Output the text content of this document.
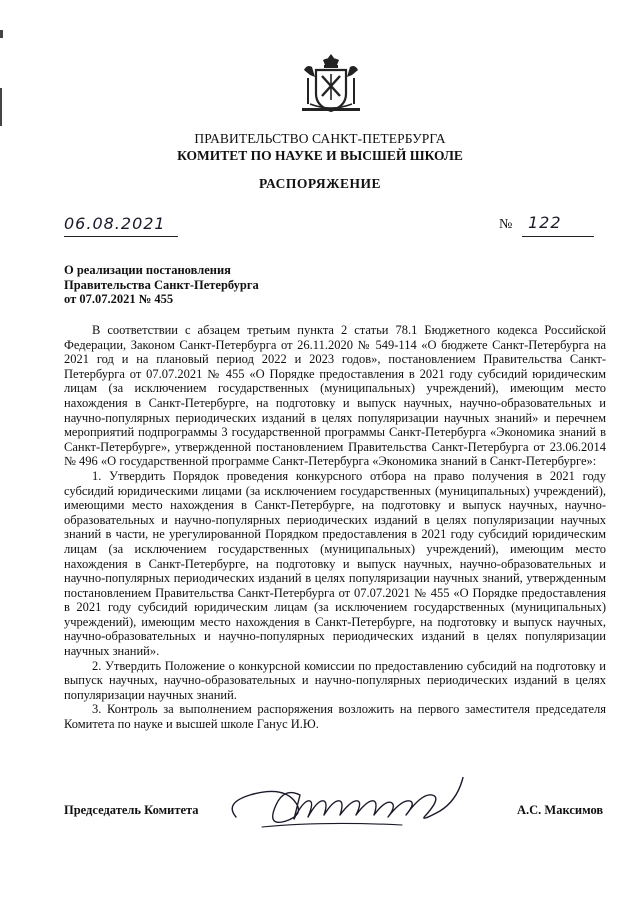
ПРАВИТЕЛЬСТВО САНКТ-ПЕТЕРБУРГА
КОМИТЕТ ПО НАУКЕ И ВЫСШЕЙ ШКОЛЕ
РАСПОРЯЖЕНИЕ
06.08.2021	№ 122
О реализации постановления
Правительства Санкт-Петербурга
от 07.07.2021 № 455

В соответствии с абзацем третьим пункта 2 статьи 78.1 Бюджетного кодекса Российской Федерации, Законом Санкт-Петербурга от 26.11.2020 № 549-114 «О бюджете Санкт-Петербурга на 2021 год и на плановый период 2022 и 2023 годов», постановлением Правительства Санкт-Петербурга от 07.07.2021 № 455 «О Порядке предоставления в 2021 году субсидий юридическим лицам (за исключением государственных (муниципальных) учреждений), имеющим место нахождения в Санкт-Петербурге, на подготовку и выпуск научных, научно-образовательных и научно-популярных периодических изданий в целях популяризации научных знаний» и перечнем мероприятий подпрограммы 3 государственной программы Санкт-Петербурга «Экономика знаний в Санкт-Петербурге», утвержденной постановлением Правительства Санкт-Петербурга от 23.06.2014 № 496 «О государственной программе Санкт-Петербурга «Экономика знаний в Санкт-Петербурге»:

1. Утвердить Порядок проведения конкурсного отбора на право получения в 2021 году субсидий юридическими лицами (за исключением государственных (муниципальных) учреждений), имеющими место нахождения в Санкт-Петербурге, на подготовку и выпуск научных, научно-образовательных и научно-популярных периодических изданий в целях популяризации научных знаний в части, не урегулированной Порядком предоставления в 2021 году субсидий юридическим лицам (за исключением государственных (муниципальных) учреждений), имеющим место нахождения в Санкт-Петербурге, на подготовку и выпуск научных, научно-образовательных и научно-популярных периодических изданий в целях популяризации научных знаний, утвержденным постановлением Правительства Санкт-Петербурга от 07.07.2021 № 455 «О Порядке предоставления в 2021 году субсидий юридическим лицам (за исключением государственных (муниципальных) учреждений), имеющим место нахождения в Санкт-Петербурге, на подготовку и выпуск научных, научно-образовательных и научно-популярных периодических изданий в целях популяризации научных знаний».

2. Утвердить Положение о конкурсной комиссии по предоставлению субсидий на подготовку и выпуск научных, научно-образовательных и научно-популярных периодических изданий в целях популяризации научных знаний.

3. Контроль за выполнением распоряжения возложить на первого заместителя председателя Комитета по науке и высшей школе Ганус И.Ю.

Председатель Комитета	А.С. Максимов
